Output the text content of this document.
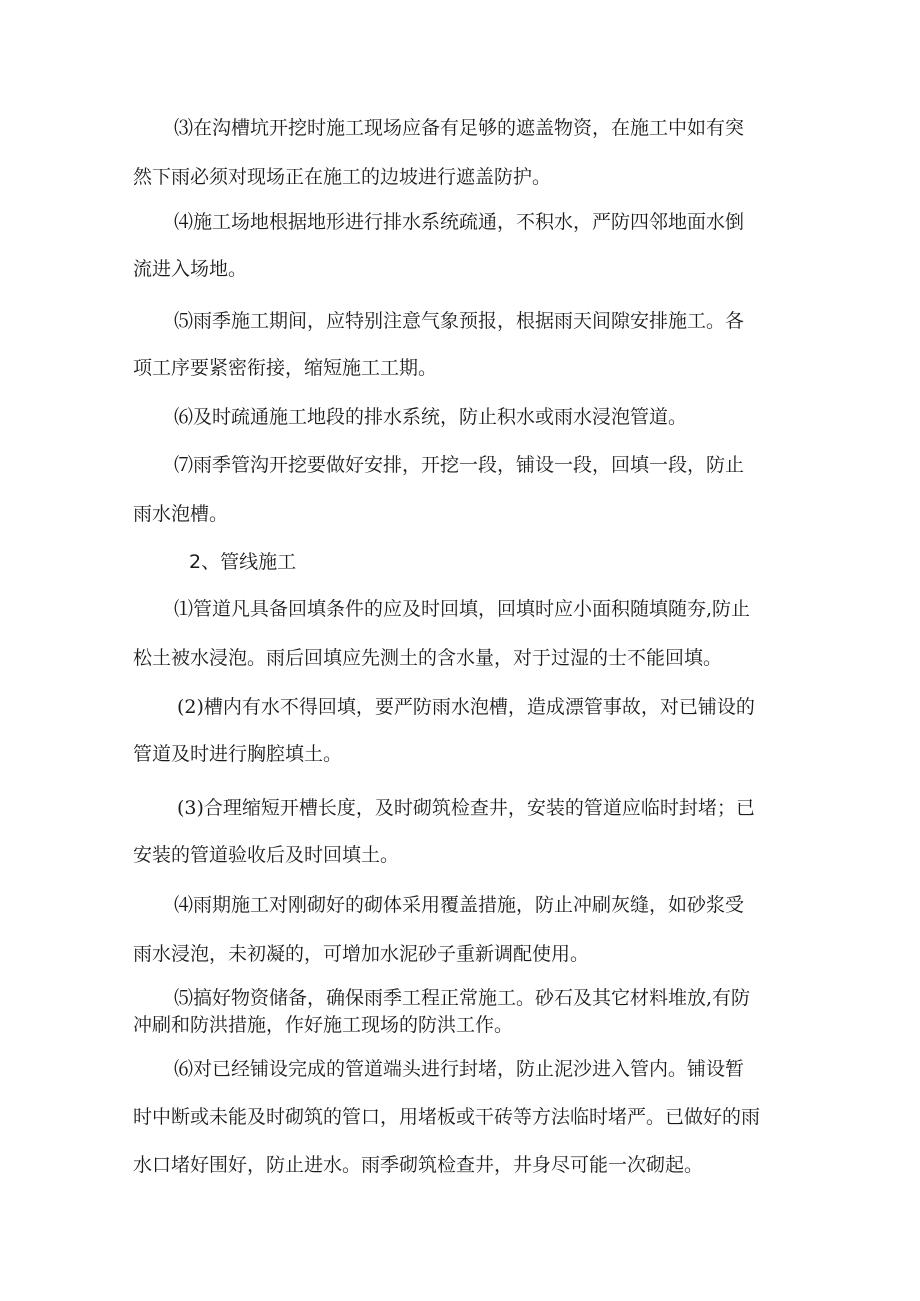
⑶在沟槽坑开挖时施工现场应备有足够的遮盖物资，在施工中如有突
然下雨必须对现场正在施工的边坡进行遮盖防护。
⑷施工场地根据地形进行排水系统疏通，不积水，严防四邻地面水倒
流进入场地。
⑸雨季施工期间，应特别注意气象预报，根据雨天间隙安排施工。各
项工序要紧密衔接，缩短施工工期。
⑹及时疏通施工地段的排水系统，防止积水或雨水浸泡管道。
⑺雨季管沟开挖要做好安排，开挖一段，铺设一段，回填一段，防止
雨水泡槽。
2、管线施工
⑴管道凡具备回填条件的应及时回填，回填时应小面积随填随夯,防止
松土被水浸泡。雨后回填应先测土的含水量，对于过湿的士不能回填。
(2)槽内有水不得回填，要严防雨水泡槽，造成漂管事故，对已铺设的
管道及时进行胸腔填土。
(3)合理缩短开槽长度，及时砌筑检查井，安装的管道应临时封堵；已
安装的管道验收后及时回填土。
⑷雨期施工对刚砌好的砌体采用覆盖措施，防止冲刷灰缝，如砂浆受
雨水浸泡，未初凝的，可增加水泥砂子重新调配使用。
⑸搞好物资储备，确保雨季工程正常施工。砂石及其它材料堆放,有防
冲刷和防洪措施，作好施工现场的防洪工作。
⑹对已经铺设完成的管道端头进行封堵，防止泥沙进入管内。铺设暂
时中断或未能及时砌筑的管口，用堵板或干砖等方法临时堵严。已做好的雨
水口堵好围好，防止进水。雨季砌筑检查井，井身尽可能一次砌起。
